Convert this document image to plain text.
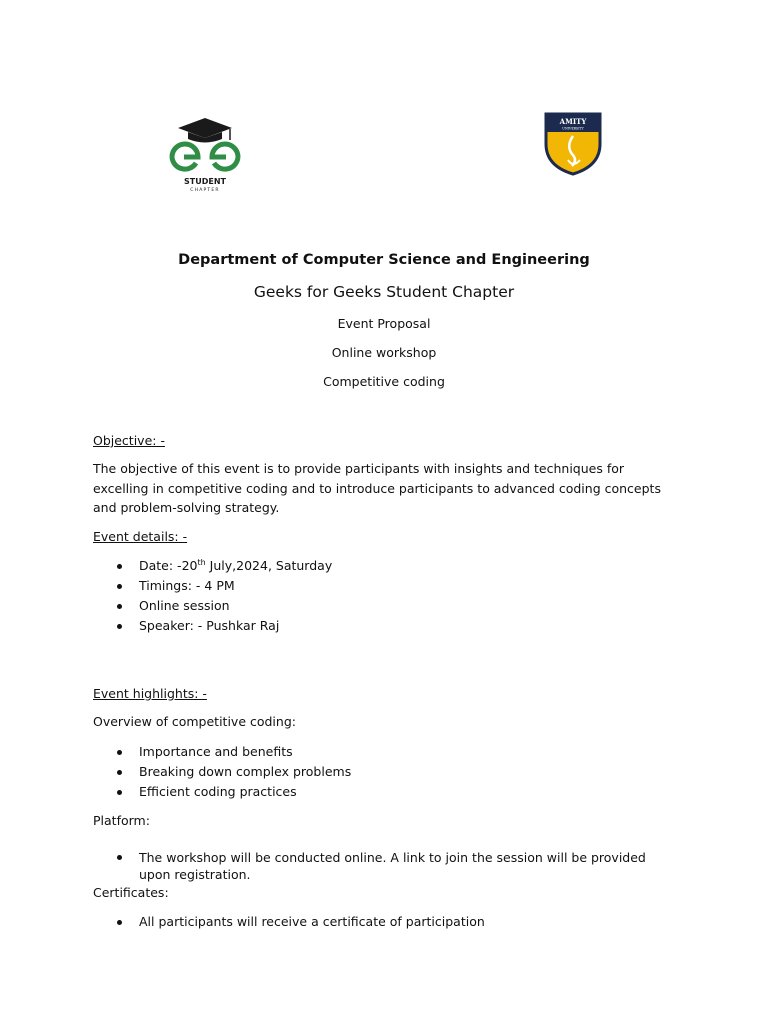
STUDENT
CHAPTER
AMITY
UNIVERSITY
Department of Computer Science and Engineering
Geeks for Geeks Student Chapter
Event Proposal
Online workshop
Competitive coding
Objective: -
The objective of this event is to provide participants with insights and techniques for excelling in competitive coding and to introduce participants to advanced coding concepts and problem-solving strategy.
Event details: -
Date: -20th July,2024, Saturday
Timings: - 4 PM
Online session
Speaker: - Pushkar Raj
Event highlights: -
Overview of competitive coding:
Importance and benefits
Breaking down complex problems
Efficient coding practices
Platform:
The workshop will be conducted online. A link to join the session will be provided upon registration.
Certificates:
All participants will receive a certificate of participation
